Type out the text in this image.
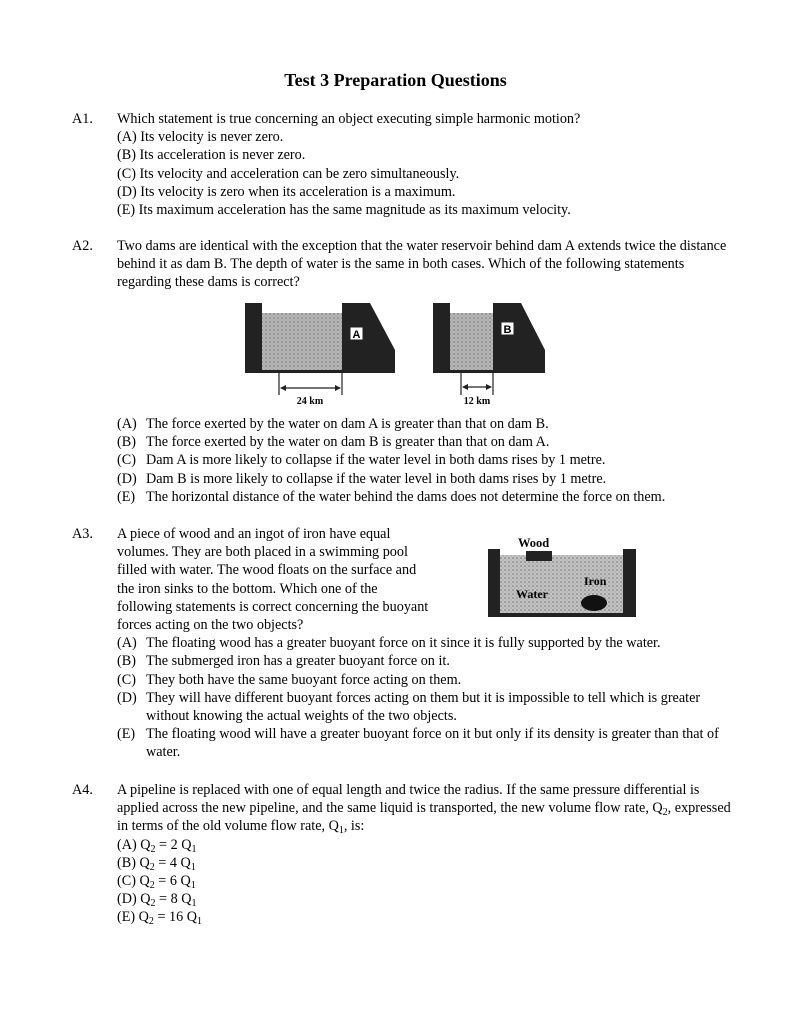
Test 3 Preparation Questions
A1. Which statement is true concerning an object executing simple harmonic motion?
(A) Its velocity is never zero.
(B) Its acceleration is never zero.
(C) Its velocity and acceleration can be zero simultaneously.
(D) Its velocity is zero when its acceleration is a maximum.
(E) Its maximum acceleration has the same magnitude as its maximum velocity.
A2. Two dams are identical with the exception that the water reservoir behind dam A extends twice the distance behind it as dam B. The depth of water is the same in both cases. Which of the following statements regarding these dams is correct?
A
24 km
B
12 km
(A) The force exerted by the water on dam A is greater than that on dam B.
(B) The force exerted by the water on dam B is greater than that on dam A.
(C) Dam A is more likely to collapse if the water level in both dams rises by 1 metre.
(D) Dam B is more likely to collapse if the water level in both dams rises by 1 metre.
(E) The horizontal distance of the water behind the dams does not determine the force on them.
A3. A piece of wood and an ingot of iron have equal
volumes. They are both placed in a swimming pool
filled with water. The wood floats on the surface and
the iron sinks to the bottom. Which one of the
following statements is correct concerning the buoyant
forces acting on the two objects?
(A) The floating wood has a greater buoyant force on it since it is fully supported by the water.
(B) The submerged iron has a greater buoyant force on it.
(C) They both have the same buoyant force acting on them.
(D) They will have different buoyant forces acting on them but it is impossible to tell which is greater without knowing the actual weights of the two objects.
(E) The floating wood will have a greater buoyant force on it but only if its density is greater than that of water.
Wood
Water
Iron
A4. A pipeline is replaced with one of equal length and twice the radius. If the same pressure differential is applied across the new pipeline, and the same liquid is transported, the new volume flow rate, $Q_2$, expressed in terms of the old volume flow rate, $Q_1$, is:
(A) $Q_2 = 2$ $Q_1$
(B) $Q_2 = 4$ $Q_1$
(C) $Q_2 = 6$ $Q_1$
(D) $Q_2 = 8$ $Q_1$
(E) $Q_2 = 16$ $Q_1$
